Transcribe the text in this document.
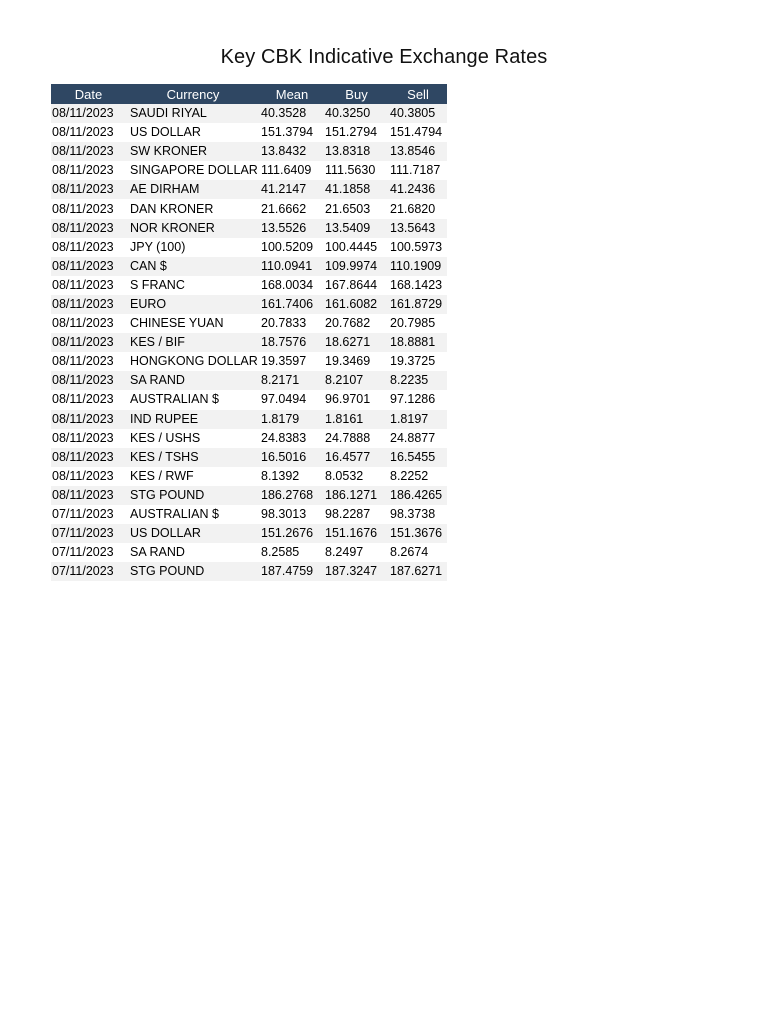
Key CBK Indicative Exchange Rates
Date	Currency	Mean	Buy	Sell
08/11/2023	SAUDI RIYAL	40.3528	40.3250	40.3805
08/11/2023	US DOLLAR	151.3794	151.2794	151.4794
08/11/2023	SW KRONER	13.8432	13.8318	13.8546
08/11/2023	SINGAPORE DOLLAR	111.6409	111.5630	111.7187
08/11/2023	AE DIRHAM	41.2147	41.1858	41.2436
08/11/2023	DAN KRONER	21.6662	21.6503	21.6820
08/11/2023	NOR KRONER	13.5526	13.5409	13.5643
08/11/2023	JPY (100)	100.5209	100.4445	100.5973
08/11/2023	CAN $	110.0941	109.9974	110.1909
08/11/2023	S FRANC	168.0034	167.8644	168.1423
08/11/2023	EURO	161.7406	161.6082	161.8729
08/11/2023	CHINESE YUAN	20.7833	20.7682	20.7985
08/11/2023	KES / BIF	18.7576	18.6271	18.8881
08/11/2023	HONGKONG DOLLAR	19.3597	19.3469	19.3725
08/11/2023	SA RAND	8.2171	8.2107	8.2235
08/11/2023	AUSTRALIAN $	97.0494	96.9701	97.1286
08/11/2023	IND RUPEE	1.8179	1.8161	1.8197
08/11/2023	KES / USHS	24.8383	24.7888	24.8877
08/11/2023	KES / TSHS	16.5016	16.4577	16.5455
08/11/2023	KES / RWF	8.1392	8.0532	8.2252
08/11/2023	STG POUND	186.2768	186.1271	186.4265
07/11/2023	AUSTRALIAN $	98.3013	98.2287	98.3738
07/11/2023	US DOLLAR	151.2676	151.1676	151.3676
07/11/2023	SA RAND	8.2585	8.2497	8.2674
07/11/2023	STG POUND	187.4759	187.3247	187.6271
